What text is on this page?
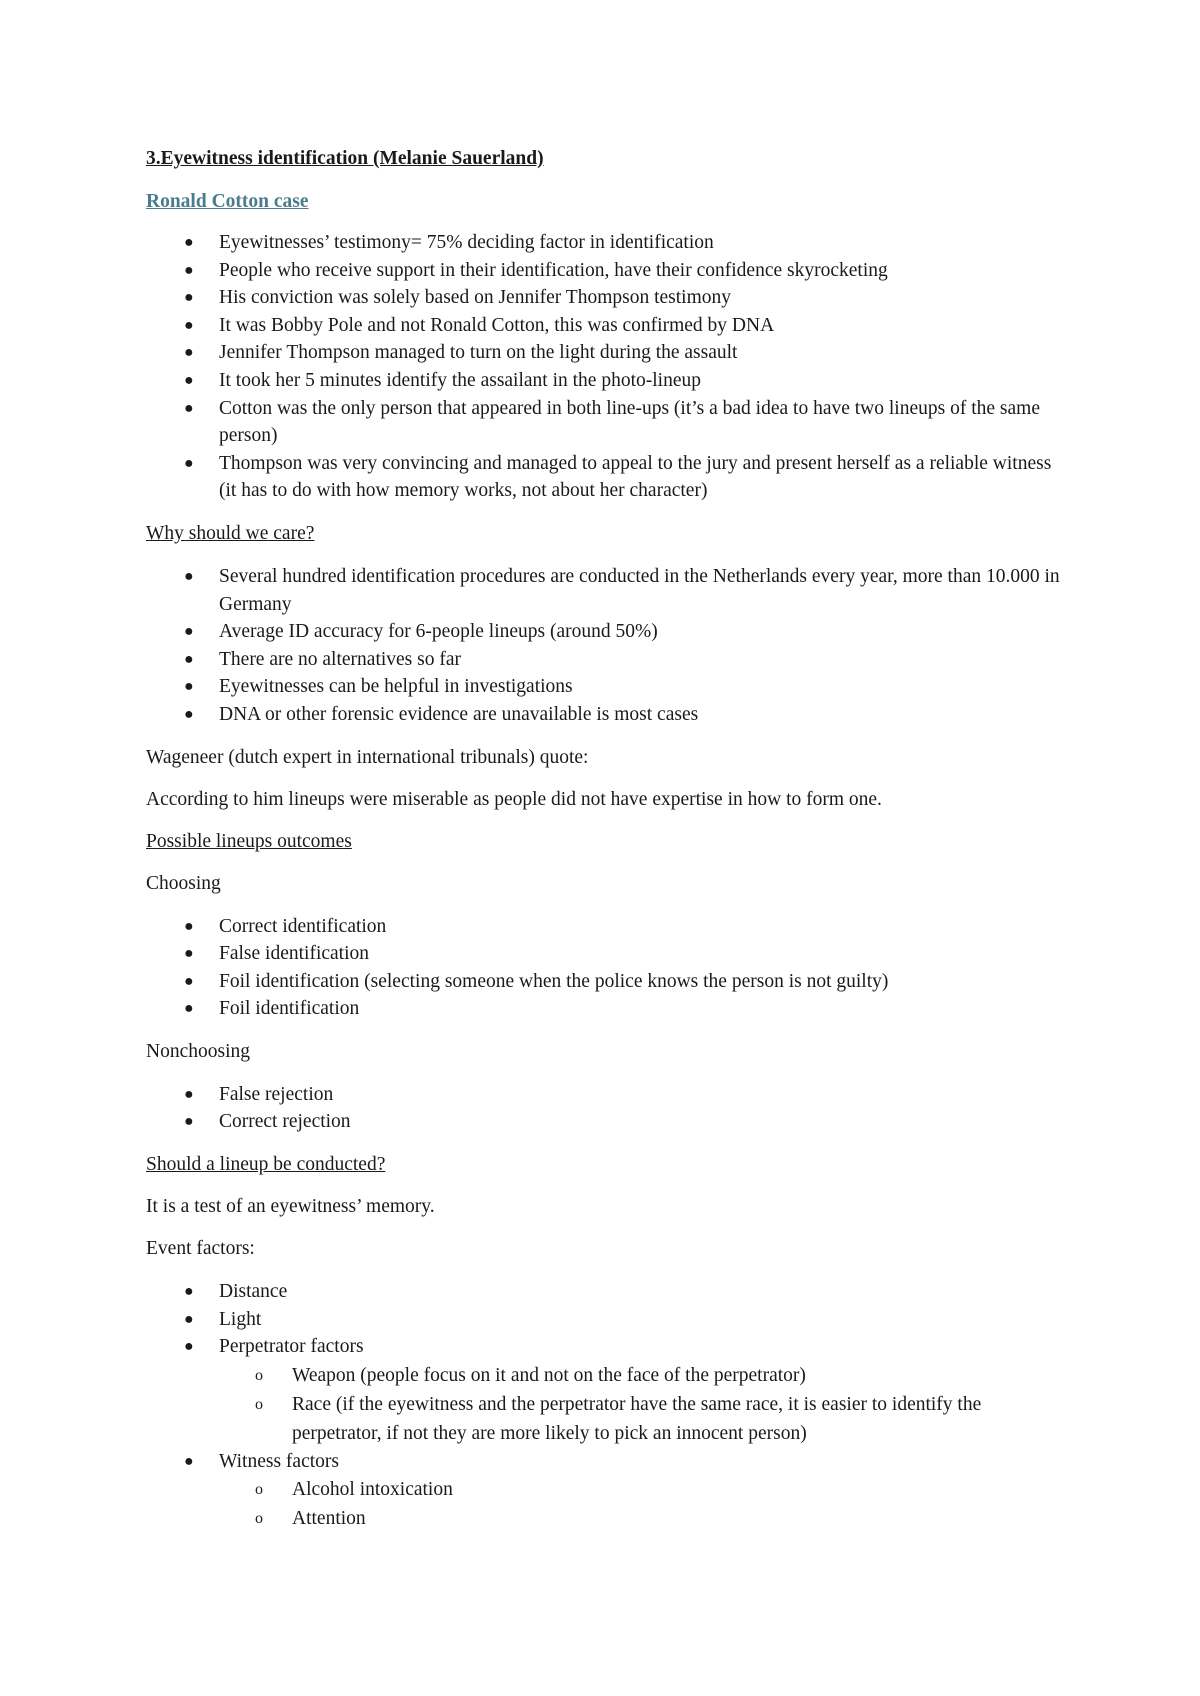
3.Eyewitness identification (Melanie Sauerland)
Ronald Cotton case
● Eyewitnesses’ testimony= 75% deciding factor in identification
● People who receive support in their identification, have their confidence skyrocketing
● His conviction was solely based on Jennifer Thompson testimony
● It was Bobby Pole and not Ronald Cotton, this was confirmed by DNA
● Jennifer Thompson managed to turn on the light during the assault
● It took her 5 minutes identify the assailant in the photo-lineup
● Cotton was the only person that appeared in both line-ups (it’s a bad idea to have two lineups of the same person)
● Thompson was very convincing and managed to appeal to the jury and present herself as a reliable witness (it has to do with how memory works, not about her character)
Why should we care?
● Several hundred identification procedures are conducted in the Netherlands every year, more than 10.000 in Germany
● Average ID accuracy for 6-people lineups (around 50%)
● There are no alternatives so far
● Eyewitnesses can be helpful in investigations
● DNA or other forensic evidence are unavailable is most cases
Wageneer (dutch expert in international tribunals) quote:
According to him lineups were miserable as people did not have expertise in how to form one.
Possible lineups outcomes
Choosing
● Correct identification
● False identification
● Foil identification (selecting someone when the police knows the person is not guilty)
● Foil identification
Nonchoosing
● False rejection
● Correct rejection
Should a lineup be conducted?
It is a test of an eyewitness’ memory.
Event factors:
● Distance
● Light
● Perpetrator factors
o Weapon (people focus on it and not on the face of the perpetrator)
o Race (if the eyewitness and the perpetrator have the same race, it is easier to identify the perpetrator, if not they are more likely to pick an innocent person)
● Witness factors
o Alcohol intoxication
o Attention
